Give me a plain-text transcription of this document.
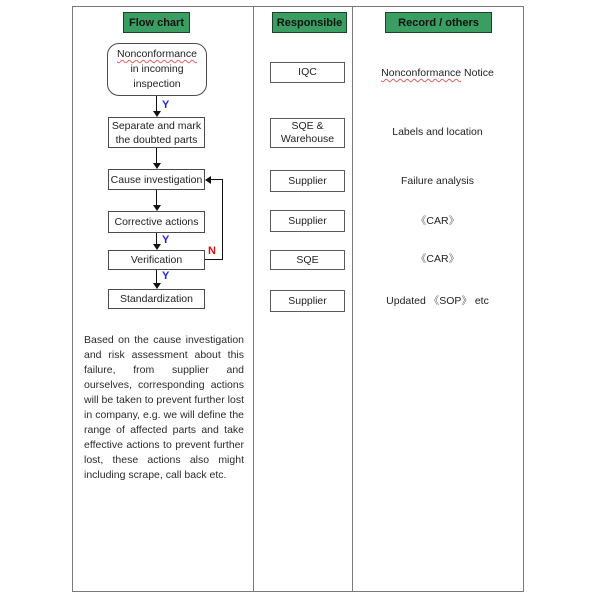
Flow chart	Responsible	Record / others
Nonconformance
in incoming
inspection
Separate and mark
the doubted parts
Cause investigation
Corrective actions
Verification
Standardization
Y
Y
Y
N
Based on the cause investigation and risk assessment about this failure, from supplier and ourselves, corresponding actions will be taken to prevent further lost in company, e.g. we will define the range of affected parts and take effective actions to prevent further lost, these actions also might including scrape, call back etc.
IQC
SQE & Warehouse
Supplier
Supplier
SQE
Supplier
Nonconformance Notice
Labels and location
Failure analysis
《CAR》
《CAR》
Updated 《SOP》 etc
